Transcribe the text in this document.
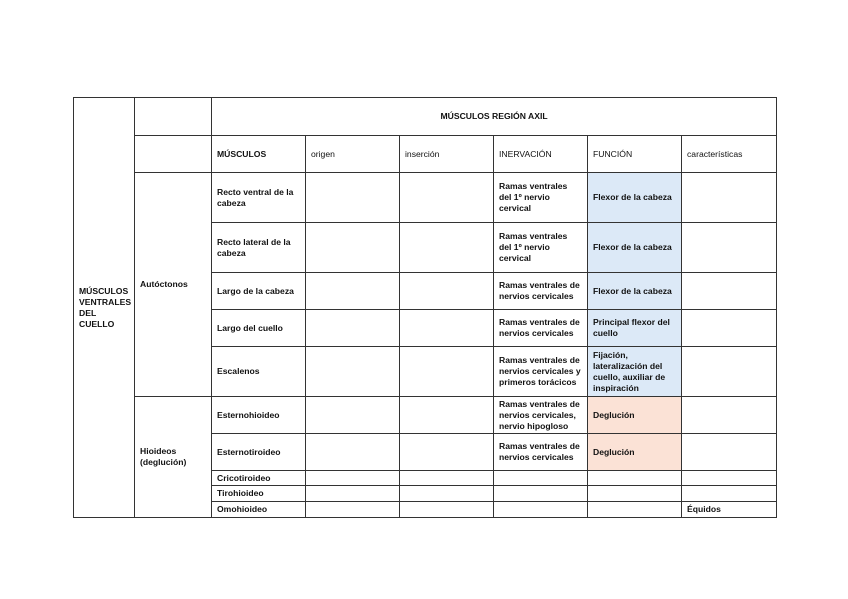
MÚSCULOS VENTRALES DEL CUELLO		MÚSCULOS REGIÓN AXIL					
		MÚSCULOS	origen	inserción	INERVACIÓN	FUNCIÓN	características
	Autóctonos	Recto ventral de la cabeza			Ramas ventrales del 1º nervio cervical	Flexor de la cabeza	
		Recto lateral de la cabeza			Ramas ventrales del 1º nervio cervical	Flexor de la cabeza	
		Largo de la cabeza			Ramas ventrales de nervios cervicales	Flexor de la cabeza	
		Largo del cuello			Ramas ventrales de nervios cervicales	Principal flexor del cuello	
		Escalenos			Ramas ventrales de nervios cervicales y primeros torácicos	Fijación, lateralización del cuello, auxiliar de inspiración	
	Hioideos (deglución)	Esternohioideo			Ramas ventrales de nervios cervicales, nervio hipogloso	Deglución	
		Esternotiroideo			Ramas ventrales de nervios cervicales	Deglución	
		Cricotiroideo					
		Tirohioideo					
		Omohioideo					Équidos
